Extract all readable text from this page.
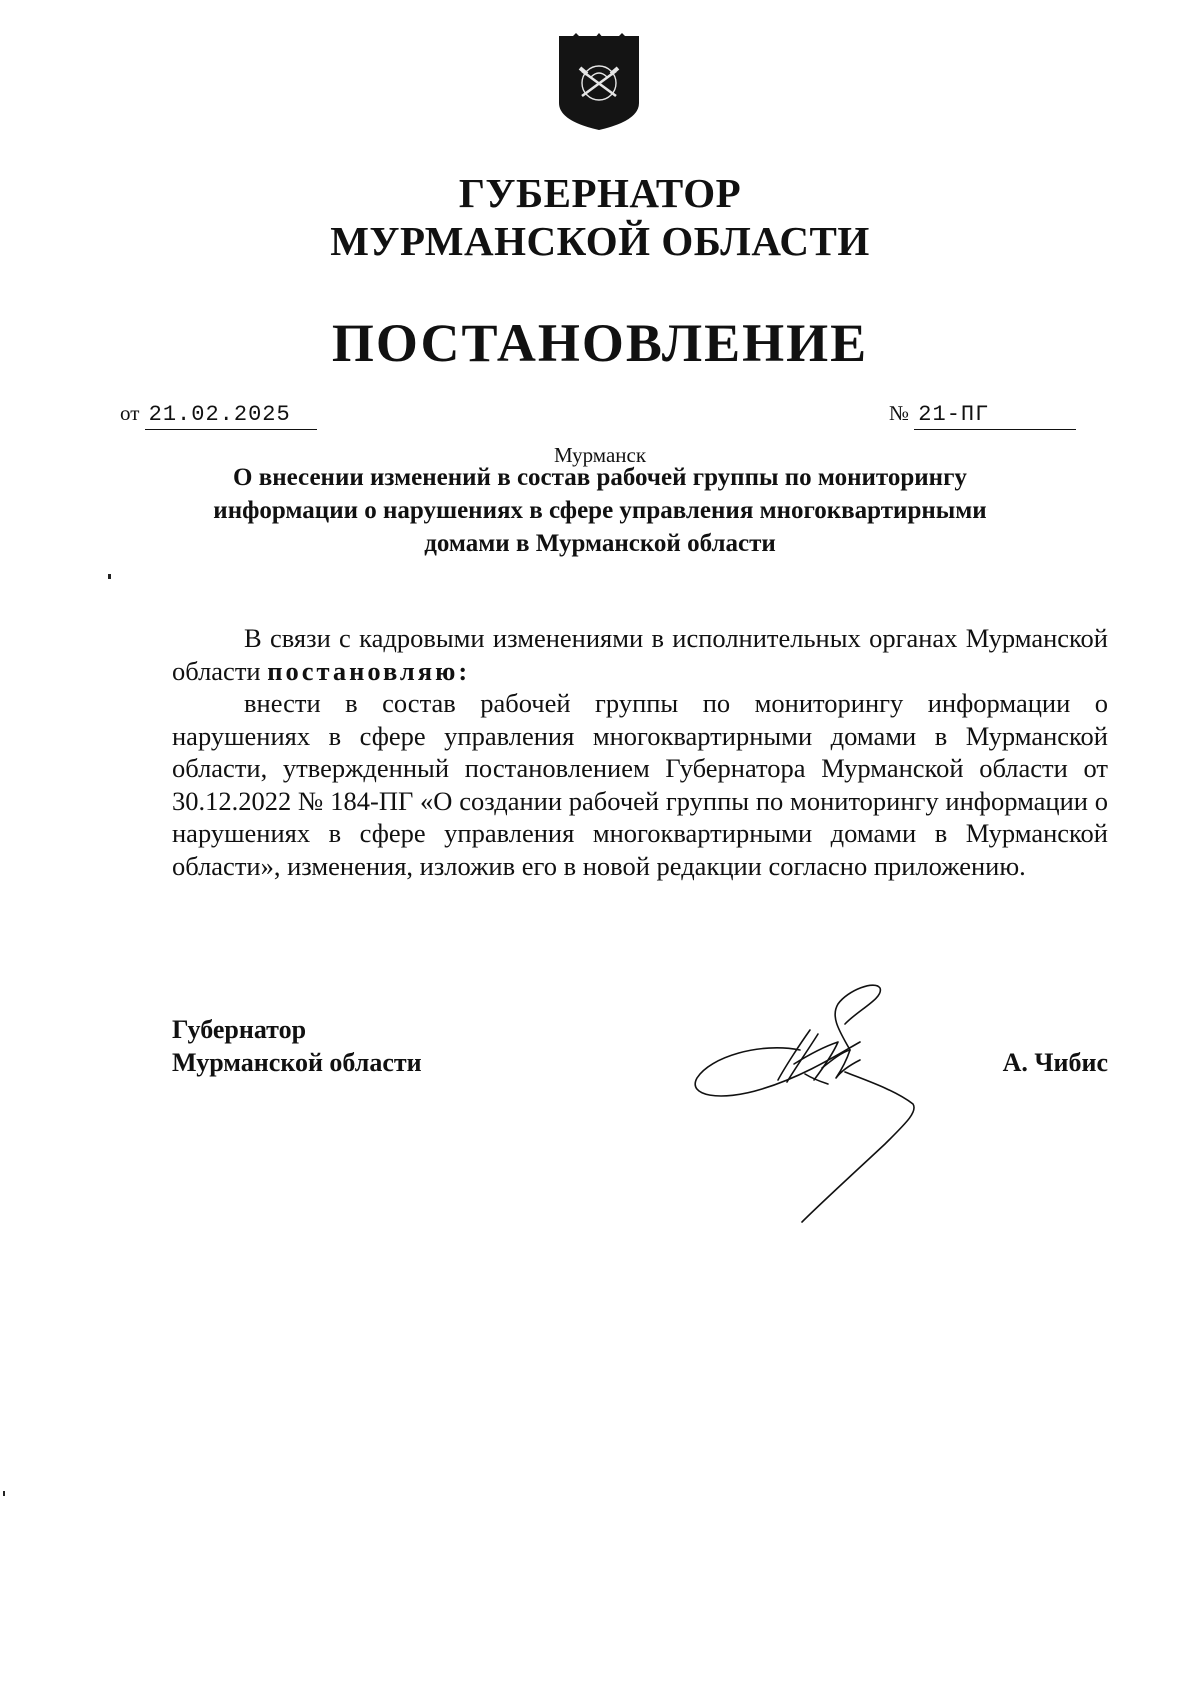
ГУБЕРНАТОР
МУРМАНСКОЙ ОБЛАСТИ
ПОСТАНОВЛЕНИЕ
от 21.02.2025	№ 21-ПГ
Мурманск
О внесении изменений в состав рабочей группы по мониторингу информации о нарушениях в сфере управления многоквартирными домами в Мурманской области
В связи с кадровыми изменениями в исполнительных органах Мурманской области постановляю:
внести в состав рабочей группы по мониторингу информации о нарушениях в сфере управления многоквартирными домами в Мурманской области, утвержденный постановлением Губернатора Мурманской области от 30.12.2022 № 184-ПГ «О создании рабочей группы по мониторингу информации о нарушениях в сфере управления многоквартирными домами в Мурманской области», изменения, изложив его в новой редакции согласно приложению.
Губернатор
Мурманской области	А. Чибис
